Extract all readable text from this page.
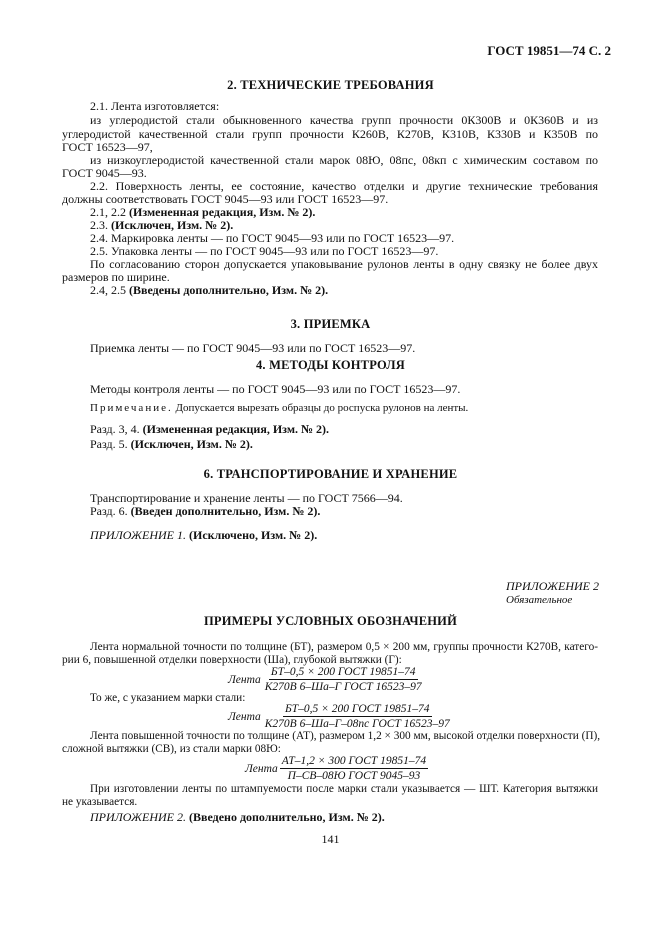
ГОСТ 19851—74 С. 2
2. ТЕХНИЧЕСКИЕ ТРЕБОВАНИЯ
2.1. Лента изготовляется:
из углеродистой стали обыкновенного качества групп прочности 0К300В и 0К360В и из
углеродистой качественной стали групп прочности К260В, К270В, К310В, К330В и К350В по
ГОСТ 16523—97,
из низкоуглеродистой качественной стали марок 08Ю, 08пс, 08кп с химическим составом по
ГОСТ 9045—93.
2.2. Поверхность ленты, ее состояние, качество отделки и другие технические требования
должны соответствовать ГОСТ 9045—93 или ГОСТ 16523—97.
2.1, 2.2 (Измененная редакция, Изм. № 2).
2.3. (Исключен, Изм. № 2).
2.4. Маркировка ленты — по ГОСТ 9045—93 или по ГОСТ 16523—97.
2.5. Упаковка ленты — по ГОСТ 9045—93 или по ГОСТ 16523—97.
По согласованию сторон допускается упаковывание рулонов ленты в одну связку не более двух
размеров по ширине.
2.4, 2.5 (Введены дополнительно, Изм. № 2).
3. ПРИЕМКА
Приемка ленты — по ГОСТ 9045—93 или по ГОСТ 16523—97.
4. МЕТОДЫ КОНТРОЛЯ
Методы контроля ленты — по ГОСТ 9045—93 или по ГОСТ 16523—97.
Примечание. Допускается вырезать образцы до роспуска рулонов на ленты.
Разд. 3, 4. (Измененная редакция, Изм. № 2).
Разд. 5. (Исключен, Изм. № 2).
6. ТРАНСПОРТИРОВАНИЕ И ХРАНЕНИЕ
Транспортирование и хранение ленты — по ГОСТ 7566—94.
Разд. 6. (Введен дополнительно, Изм. № 2).
ПРИЛОЖЕНИЕ 1. (Исключено, Изм. № 2).
ПРИЛОЖЕНИЕ 2
Обязательное
ПРИМЕРЫ УСЛОВНЫХ ОБОЗНАЧЕНИЙ
Лента нормальной точности по толщине (БТ), размером 0,5 × 200 мм, группы прочности К270В, катего-
рии 6, повышенной отделки поверхности (Ша), глубокой вытяжки (Г):
Лента $\frac{\text{БТ–0,5 × 200 ГОСТ 19851–74}}{\text{К270В 6–Ша–Г ГОСТ 16523–97}}$
То же, с указанием марки стали:
Лента $\frac{\text{БТ–0,5 × 200 ГОСТ 19851–74}}{\text{К270В 6–Ша–Г–08пс ГОСТ 16523–97}}$
Лента повышенной точности по толщине (АТ), размером 1,2 × 300 мм, высокой отделки поверхности (П),
сложной вытяжки (СВ), из стали марки 08Ю:
Лента $\frac{\text{АТ–1,2 × 300 ГОСТ 19851–74}}{\text{П–СВ–08Ю ГОСТ 9045–93}}$
При изготовлении ленты по штампуемости после марки стали указывается — ШТ. Категория вытяжки
не указывается.
ПРИЛОЖЕНИЕ 2. (Введено дополнительно, Изм. № 2).
141
